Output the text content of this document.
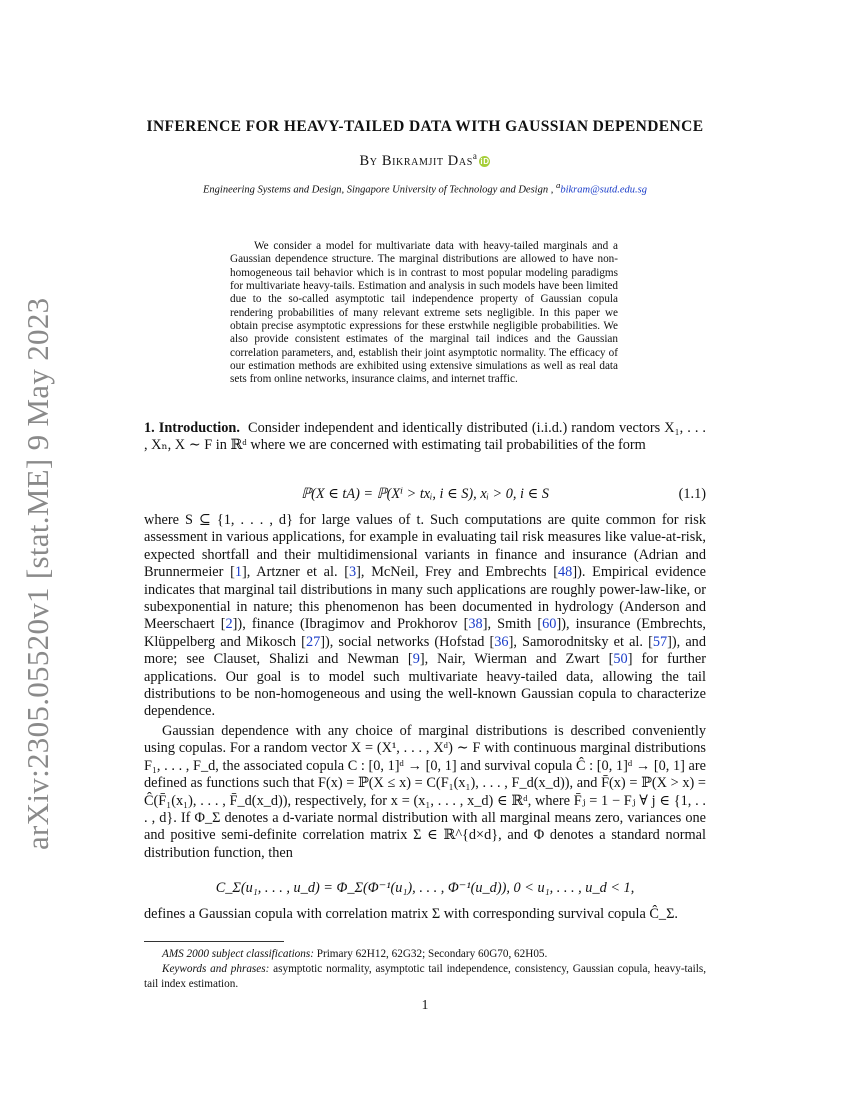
arXiv:2305.05520v1 [stat.ME] 9 May 2023
INFERENCE FOR HEAVY-TAILED DATA WITH GAUSSIAN DEPENDENCE
By Bikramjit Das$^a$iD
Engineering Systems and Design, Singapore University of Technology and Design , $^a$bikram@sutd.edu.sg
We consider a model for multivariate data with heavy-tailed marginals and a Gaussian dependence structure. The marginal distributions are allowed to have non-homogeneous tail behavior which is in contrast to most popular modeling paradigms for multivariate heavy-tails. Estimation and analysis in such models have been limited due to the so-called asymptotic tail independence property of Gaussian copula rendering probabilities of many relevant extreme sets negligible. In this paper we obtain precise asymptotic expressions for these erstwhile negligible probabilities. We also provide consistent estimates of the marginal tail indices and the Gaussian correlation parameters, and, establish their joint asymptotic normality. The efficacy of our estimation methods are exhibited using extensive simulations as well as real data sets from online networks, insurance claims, and internet traffic.
1. Introduction. Consider independent and identically distributed (i.i.d.) random vectors X₁, . . . , Xₙ, X ∼ F in ℝᵈ where we are concerned with estimating tail probabilities of the form
ℙ(X ∈ tA) = ℙ(Xⁱ > txᵢ, i ∈ S), xᵢ > 0, i ∈ S	(1.1)
where S ⊆ {1, . . . , d} for large values of t. Such computations are quite common for risk assessment in various applications, for example in evaluating tail risk measures like value-at-risk, expected shortfall and their multidimensional variants in finance and insurance (Adrian and Brunnermeier [1], Artzner et al. [3], McNeil, Frey and Embrechts [48]). Empirical evidence indicates that marginal tail distributions in many such applications are roughly power-law-like, or subexponential in nature; this phenomenon has been documented in hydrology (Anderson and Meerschaert [2]), finance (Ibragimov and Prokhorov [38], Smith [60]), insurance (Embrechts, Klüppelberg and Mikosch [27]), social networks (Hofstad [36], Samorodnitsky et al. [57]), and more; see Clauset, Shalizi and Newman [9], Nair, Wierman and Zwart [50] for further applications. Our goal is to model such multivariate heavy-tailed data, allowing the tail distributions to be non-homogeneous and using the well-known Gaussian copula to characterize dependence.
Gaussian dependence with any choice of marginal distributions is described conveniently using copulas. For a random vector X = (X¹, . . . , Xᵈ) ∼ F with continuous marginal distributions F₁, . . . , F_d, the associated copula C : [0, 1]ᵈ → [0, 1] and survival copula Ĉ : [0, 1]ᵈ → [0, 1] are defined as functions such that F(x) = ℙ(X ≤ x) = C(F₁(x₁), . . . , F_d(x_d)), and F̄(x) = ℙ(X > x) = Ĉ(F̄₁(x₁), . . . , F̄_d(x_d)), respectively, for x = (x₁, . . . , x_d) ∈ ℝᵈ, where F̄ⱼ = 1 − Fⱼ ∀ j ∈ {1, . . . , d}. If Φ_Σ denotes a d-variate normal distribution with all marginal means zero, variances one and positive semi-definite correlation matrix Σ ∈ ℝ^{d×d}, and Φ denotes a standard normal distribution function, then
C_Σ(u₁, . . . , u_d) = Φ_Σ(Φ⁻¹(u₁), . . . , Φ⁻¹(u_d)), 0 < u₁, . . . , u_d < 1,
defines a Gaussian copula with correlation matrix Σ with corresponding survival copula Ĉ_Σ.
AMS 2000 subject classifications: Primary 62H12, 62G32; Secondary 60G70, 62H05.
Keywords and phrases: asymptotic normality, asymptotic tail independence, consistency, Gaussian copula, heavy-tails, tail index estimation.
1
